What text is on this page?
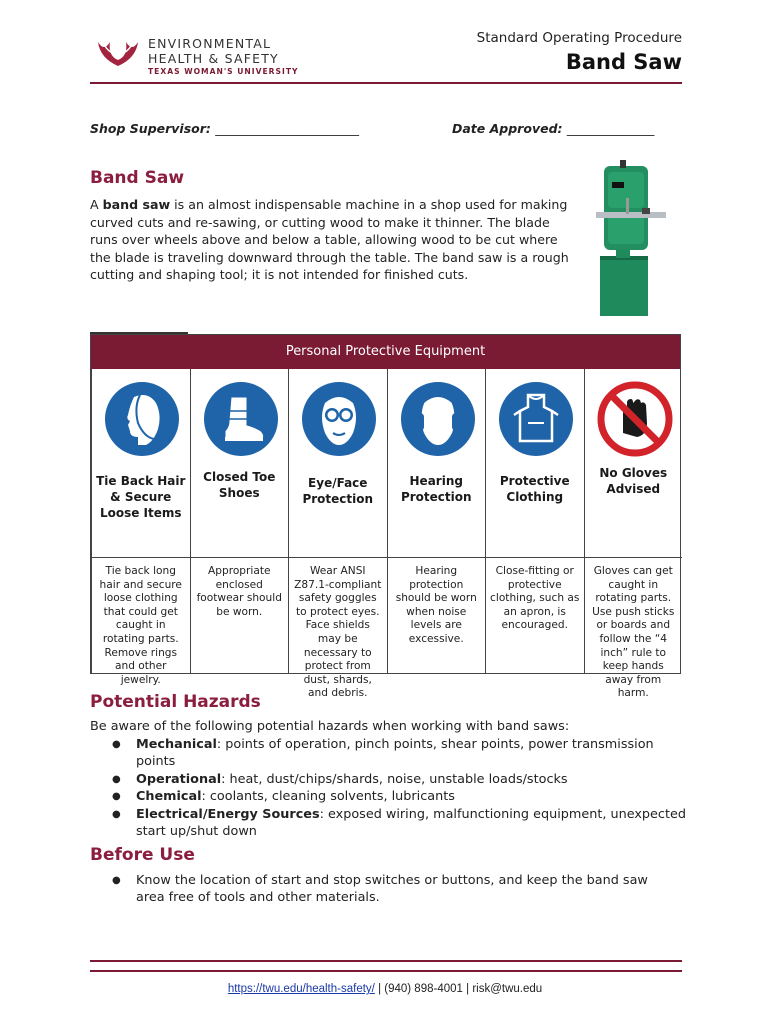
ENVIRONMENTAL
HEALTH & SAFETY
TEXAS WOMAN'S UNIVERSITY
Standard Operating Procedure
Band Saw
Shop Supervisor: _______________________	Date Approved: ______________
Band Saw
A band saw is an almost indispensable machine in a shop used for making curved cuts and re-sawing, or cutting wood to make it thinner. The blade runs over wheels above and below a table, allowing wood to be cut where the blade is traveling downward through the table. The band saw is a rough cutting and shaping tool; it is not intended for finished cuts.
Personal Protective Equipment
Tie Back Hair & Secure Loose Items
Tie back long hair and secure loose clothing that could get caught in rotating parts. Remove rings and other jewelry.
Closed Toe Shoes
Appropriate enclosed footwear should be worn.
Eye/Face Protection
Wear ANSI Z87.1-compliant safety goggles to protect eyes. Face shields may be necessary to protect from dust, shards, and debris.
Hearing Protection
Hearing protection should be worn when noise levels are excessive.
Protective Clothing
Close-fitting or protective clothing, such as an apron, is encouraged.
No Gloves Advised
Gloves can get caught in rotating parts. Use push sticks or boards and follow the “4 inch” rule to keep hands away from harm.
Potential Hazards
Be aware of the following potential hazards when working with band saws:
● Mechanical: points of operation, pinch points, shear points, power transmission points
● Operational: heat, dust/chips/shards, noise, unstable loads/stocks
● Chemical: coolants, cleaning solvents, lubricants
● Electrical/Energy Sources: exposed wiring, malfunctioning equipment, unexpected start up/shut down
Before Use
● Know the location of start and stop switches or buttons, and keep the band saw area free of tools and other materials.
https://twu.edu/health-safety/ | (940) 898-4001 | risk@twu.edu
